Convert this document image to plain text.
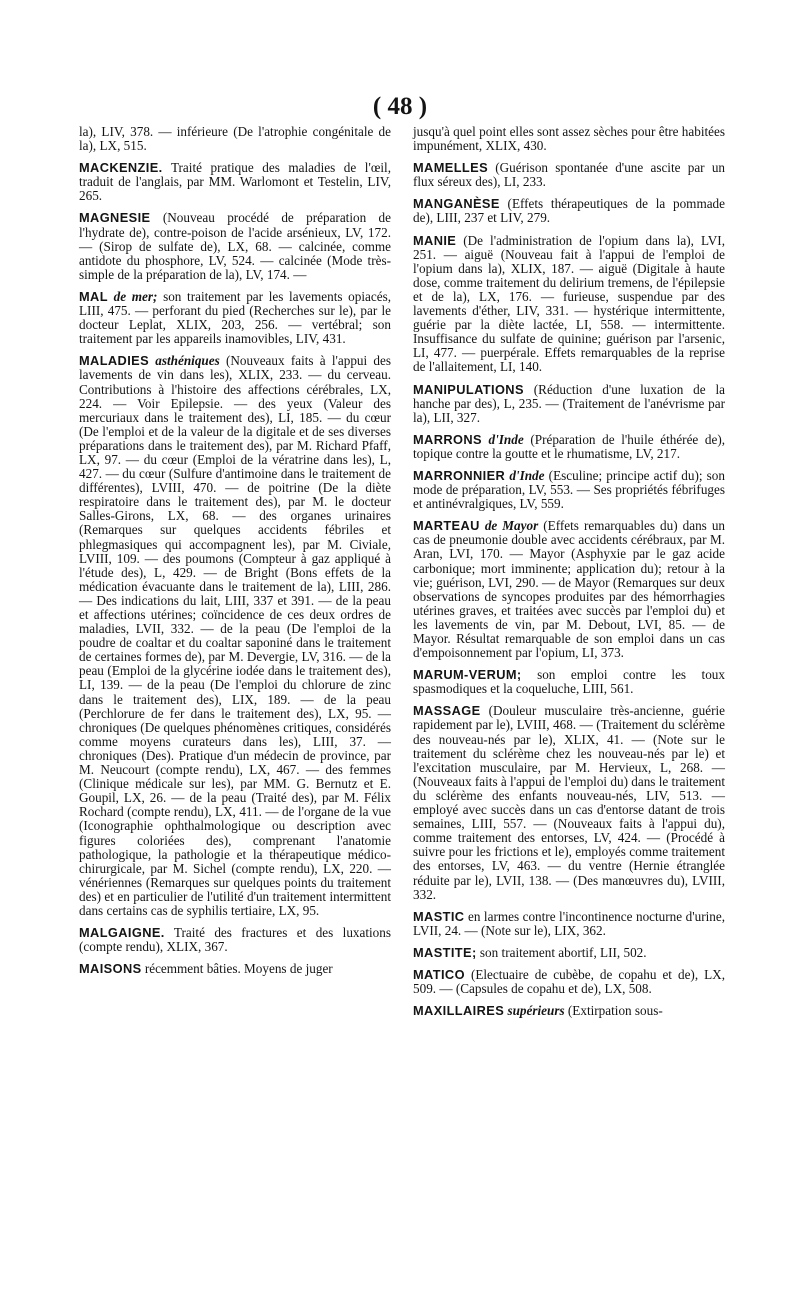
( 48 )

la), LIV, 378. — inférieure (De l'atrophie congénitale de la), LX, 515.

MACKENZIE. Traité pratique des maladies de l'œil, traduit de l'anglais, par MM. Warlomont et Testelin, LIV, 265.

MAGNESIE (Nouveau procédé de préparation de l'hydrate de), contre-poison de l'acide arsénieux, LV, 172. — (Sirop de sulfate de), LX, 68. — calcinée, comme antidote du phosphore, LV, 524. — calcinée (Mode très-simple de la préparation de la), LV, 174. —

MAL de mer; son traitement par les lavements opiacés, LIII, 475. — perforant du pied (Recherches sur le), par le docteur Leplat, XLIX, 203, 256. — vertébral; son traitement par les appareils inamovibles, LIV, 431.

MALADIES asthéniques (Nouveaux faits à l'appui des lavements de vin dans les), XLIX, 233. — du cerveau. Contributions à l'histoire des affections cérébrales, LX, 224. — Voir Epilepsie. — des yeux (Valeur des mercuriaux dans le traitement des), LI, 185. — du cœur (De l'emploi et de la valeur de la digitale et de ses diverses préparations dans le traitement des), par M. Richard Pfaff, LX, 97. — du cœur (Emploi de la vératrine dans les), L, 427. — du cœur (Sulfure d'antimoine dans le traitement de différentes), LVIII, 470. — de poitrine (De la diète respiratoire dans le traitement des), par M. le docteur Salles-Girons, LX, 68. — des organes urinaires (Remarques sur quelques accidents fébriles et phlegmasiques qui accompagnent les), par M. Civiale, LVIII, 109. — des poumons (Compteur à gaz appliqué à l'étude des), L, 429. — de Bright (Bons effets de la médication évacuante dans le traitement de la), LIII, 286. — Des indications du lait, LIII, 337 et 391. — de la peau et affections utérines; coïncidence de ces deux ordres de maladies, LVII, 332. — de la peau (De l'emploi de la poudre de coaltar et du coaltar saponiné dans le traitement de certaines formes de), par M. Devergie, LV, 316. — de la peau (Emploi de la glycérine iodée dans le traitement des), LI, 139. — de la peau (De l'emploi du chlorure de zinc dans le traitement des), LIX, 189. — de la peau (Perchlorure de fer dans le traitement des), LX, 95. — chroniques (De quelques phénomènes critiques, considérés comme moyens curateurs dans les), LIII, 37. — chroniques (Des). Pratique d'un médecin de province, par M. Neucourt (compte rendu), LX, 467. — des femmes (Clinique médicale sur les), par MM. G. Bernutz et E. Goupil, LX, 26. — de la peau (Traité des), par M. Félix Rochard (compte rendu), LX, 411. — de l'organe de la vue (Iconographie ophthalmologique ou description avec figures coloriées des), comprenant l'anatomie pathologique, la pathologie et la thérapeutique médico-chirurgicale, par M. Sichel (compte rendu), LX, 220. — vénériennes (Remarques sur quelques points du traitement des) et en particulier de l'utilité d'un traitement intermittent dans certains cas de syphilis tertiaire, LX, 95.

MALGAIGNE. Traité des fractures et des luxations (compte rendu), XLIX, 367.

MAISONS récemment bâties. Moyens de juger

jusqu'à quel point elles sont assez sèches pour être habitées impunément, XLIX, 430.

MAMELLES (Guérison spontanée d'une ascite par un flux séreux des), LI, 233.

MANGANÈSE (Effets thérapeutiques de la pommade de), LIII, 237 et LIV, 279.

MANIE (De l'administration de l'opium dans la), LVI, 251. — aiguë (Nouveau fait à l'appui de l'emploi de l'opium dans la), XLIX, 187. — aiguë (Digitale à haute dose, comme traitement du delirium tremens, de l'épilepsie et de la), LX, 176. — furieuse, suspendue par des lavements d'éther, LIV, 331. — hystérique intermittente, guérie par la diète lactée, LI, 558. — intermittente. Insuffisance du sulfate de quinine; guérison par l'arsenic, LI, 477. — puerpérale. Effets remarquables de la reprise de l'allaitement, LI, 140.

MANIPULATIONS (Réduction d'une luxation de la hanche par des), L, 235. — (Traitement de l'anévrisme par la), LII, 327.

MARRONS d'Inde (Préparation de l'huile éthérée de), topique contre la goutte et le rhumatisme, LV, 217.

MARRONNIER d'Inde (Esculine; principe actif du); son mode de préparation, LV, 553. — Ses propriétés fébrifuges et antinévralgiques, LV, 559.

MARTEAU de Mayor (Effets remarquables du) dans un cas de pneumonie double avec accidents cérébraux, par M. Aran, LVI, 170. — Mayor (Asphyxie par le gaz acide carbonique; mort imminente; application du); retour à la vie; guérison, LVI, 290. — de Mayor (Remarques sur deux observations de syncopes produites par des hémorrhagies utérines graves, et traitées avec succès par l'emploi du) et les lavements de vin, par M. Debout, LVI, 85. — de Mayor. Résultat remarquable de son emploi dans un cas d'empoisonnement par l'opium, LI, 373.

MARUM-VERUM; son emploi contre les toux spasmodiques et la coqueluche, LIII, 561.

MASSAGE (Douleur musculaire très-ancienne, guérie rapidement par le), LVIII, 468. — (Traitement du sclérème des nouveau-nés par le), XLIX, 41. — (Note sur le traitement du sclérème chez les nouveau-nés par le) et l'excitation musculaire, par M. Hervieux, L, 268. — (Nouveaux faits à l'appui de l'emploi du) dans le traitement du sclérème des enfants nouveau-nés, LIV, 513. — employé avec succès dans un cas d'entorse datant de trois semaines, LIII, 557. — (Nouveaux faits à l'appui du), comme traitement des entorses, LV, 424. — (Procédé à suivre pour les frictions et le), employés comme traitement des entorses, LV, 463. — du ventre (Hernie étranglée réduite par le), LVII, 138. — (Des manœuvres du), LVIII, 332.

MASTIC en larmes contre l'incontinence nocturne d'urine, LVII, 24. — (Note sur le), LIX, 362.

MASTITE; son traitement abortif, LII, 502.

MATICO (Electuaire de cubèbe, de copahu et de), LX, 509. — (Capsules de copahu et de), LX, 508.

MAXILLAIRES supérieurs (Extirpation sous-
